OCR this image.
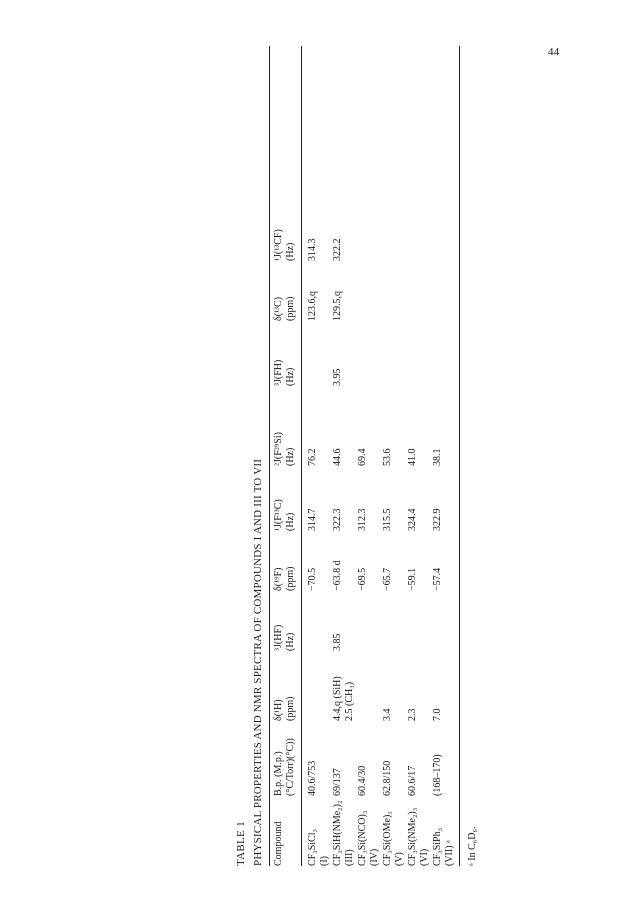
44
TABLE 1 PHYSICAL PROPERTIES AND NMR SPECTRA OF COMPOUNDS I AND III TO VII Compound
B.p. (M.p.) (°C/Torr)(°C))
δ(¹H) (ppm)
³J(HF) (Hz)
δ(¹⁹F) (ppm)
¹J(F¹³C) (Hz)
²J(F²⁹Si) (Hz)
³J(FH) (Hz)
δ(¹³C) (ppm)
¹J(¹³CF) (Hz)
CF₃SiCl₃ (I)
40.6/753
−70.5
314.7
76.2
123.6,q
314.3
CF₃SiH(NMe₂)₂ (III)
69/137
4.4,q (SiH) 2.5 (CH₃)
3.85
−63.8 d
322.3
44.6
3.95
129.5,q
322.2
CF₃Si(NCO)₃ (IV)
60.4/30
−69.5
312.3
69.4
CF₃Si(OMe)₃ (V)
62.8/150
3.4
−65.7
315.5
53.6
CF₃Si(NMe₂)₃ (VI)
60.6/17
2.3
−59.1
324.4
41.0
CF₃SiPh₃ (VII) ᵃ
(168–170)
7.0
−57.4
322.9
38.1
ᵃ In C₆D₆.
